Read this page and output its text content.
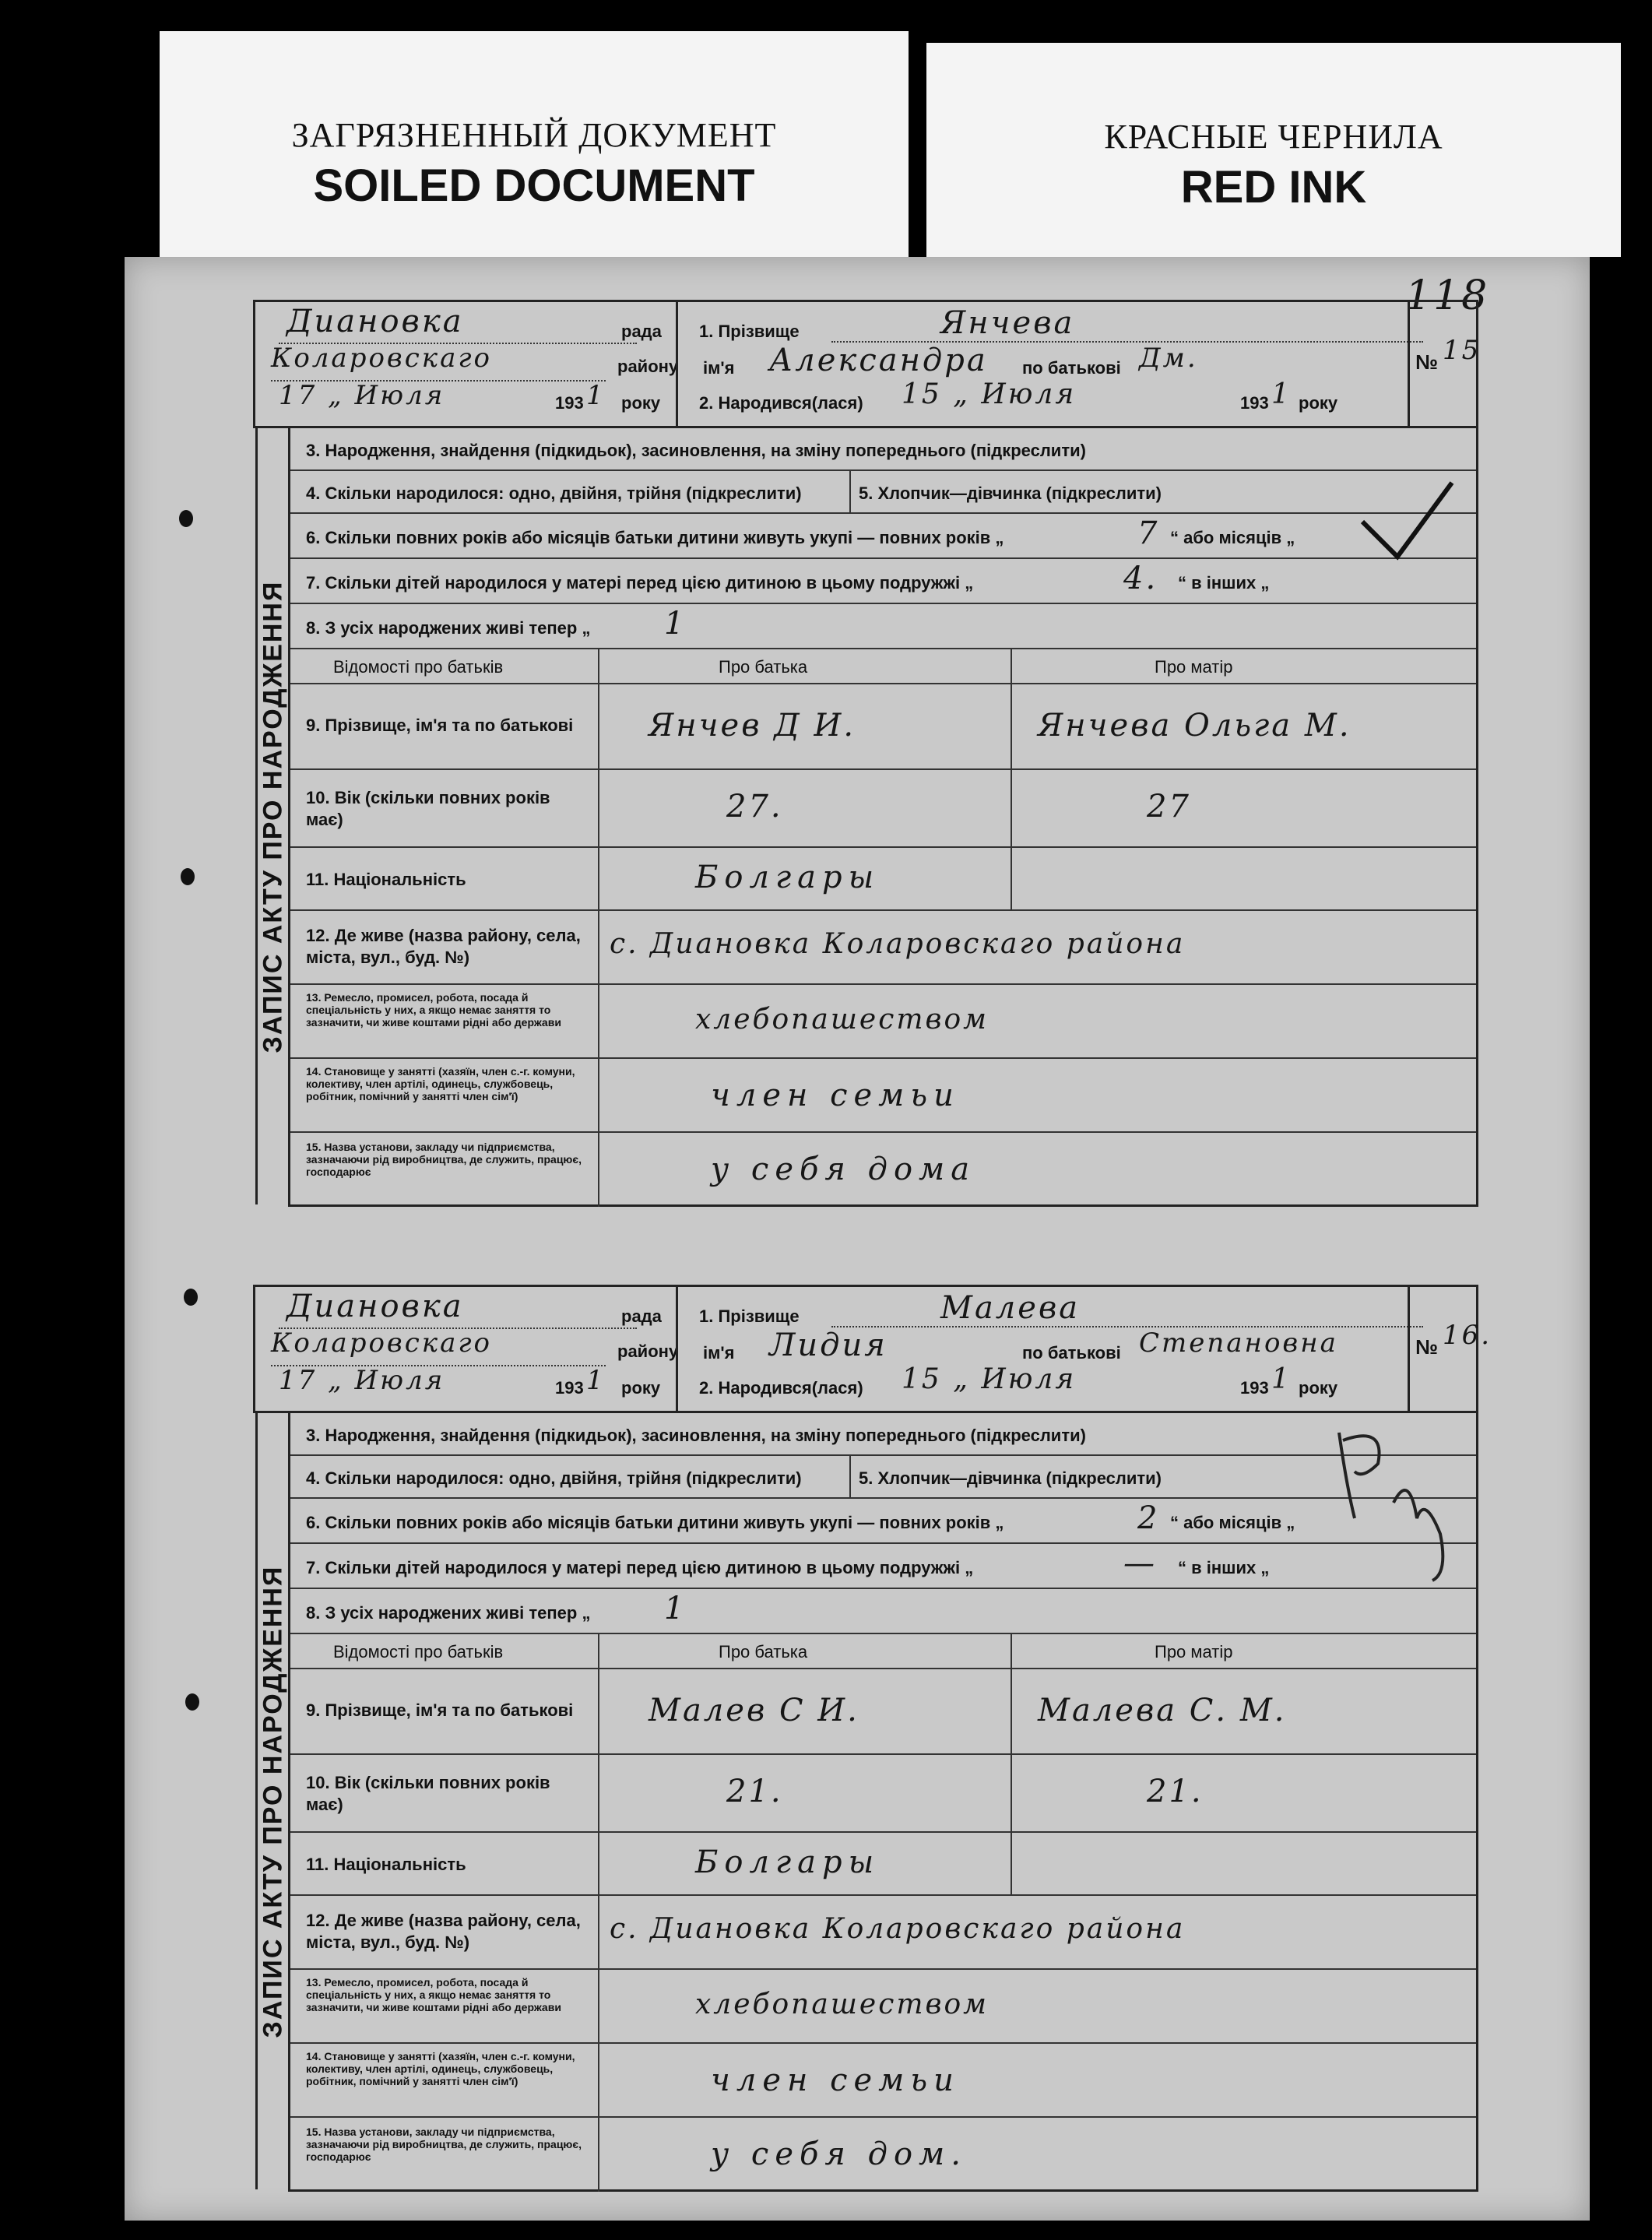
ЗАГРЯЗНЕННЫЙ ДОКУМЕНТ
SOILED DOCUMENT
КРАСНЫЕ ЧЕРНИЛА
RED INK
118
Диановка	рада
Коларовскаго	району
17 „ Июля	193 1 року
1. Прізвище	Янчева
ім'я Александра по батькові Дм.
2. Народився(лася) 15 „ Июля	193 1 року
№ 15
ЗАПИС АКТУ ПРО НАРОДЖЕННЯ
3. Народження, знайдення (підкидьок), засиновлення, на зміну попереднього (підкреслити)
4. Скільки народилося: одно, двійня, трійня (підкреслити)	5. Хлопчик—дівчинка (підкреслити)
6. Скільки повних років або місяців батьки дитини живуть укупі — повних років „	7 “ або місяців „
7. Скільки дітей народилося у матері перед цією дитиною в цьому подружжі „	4. “ в інших „
8. З усіх народжених живі тепер „ 1
Відомості про батьків	Про батька	Про матір
9. Прізвище, ім'я та по батькові Янчев Д И.	Янчева Ольга М.
10. Вік (скільки повних років має)	27.	27
11. Національність	Болгары
12. Де живе (назва району, села, міста, вул., буд. №)	с. Диановка Коларовскаго района
13. Ремесло, промисел, робота, посада й спеціальність у них, а якщо немає заняття то зазначити, чи живе коштами рідні або держави	хлебопашеством
14. Становище у занятті (хазяїн, член с.-г. комуни, колективу, член артілі, одинець, службовець, робітник, помічний у занятті член сім'ї)	член семьи
15. Назва установи, закладу чи підприємства, зазначаючи рід виробництва, де служить, працює, господарює	у себя дома
Диановка	рада
Коларовскаго	району
17 „ Июля	193 1 року
1. Прізвище	Малева
ім'я Лидия	по батькові Степановна
2. Народився(лася) 15 „ Июля	193 1 року
№ 16.
ЗАПИС АКТУ ПРО НАРОДЖЕННЯ
3. Народження, знайдення (підкидьок), засиновлення, на зміну попереднього (підкреслити)
4. Скільки народилося: одно, двійня, трійня (підкреслити)	5. Хлопчик—дівчинка (підкреслити)
6. Скільки повних років або місяців батьки дитини живуть укупі — повних років „	2 “ або місяців „
7. Скільки дітей народилося у матері перед цією дитиною в цьому подружжі „	— “ в інших „
8. З усіх народжених живі тепер „ 1
Відомості про батьків	Про батька	Про матір
9. Прізвище, ім'я та по батькові Малев С И.	Малева С. М.
10. Вік (скільки повних років має)	21.	21.
11. Національність	Болгары
12. Де живе (назва району, села, міста, вул., буд. №)	с. Диановка Коларовскаго района
13. Ремесло, промисел, робота, посада й спеціальність у них, а якщо немає заняття то зазначити, чи живе коштами рідні або держави	хлебопашеством
14. Становище у занятті (хазяїн, член с.-г. комуни, колективу, член артілі, одинець, службовець, робітник, помічний у занятті член сім'ї)	член семьи
15. Назва установи, закладу чи підприємства, зазначаючи рід виробництва, де служить, працює, господарює	у себя дом.
